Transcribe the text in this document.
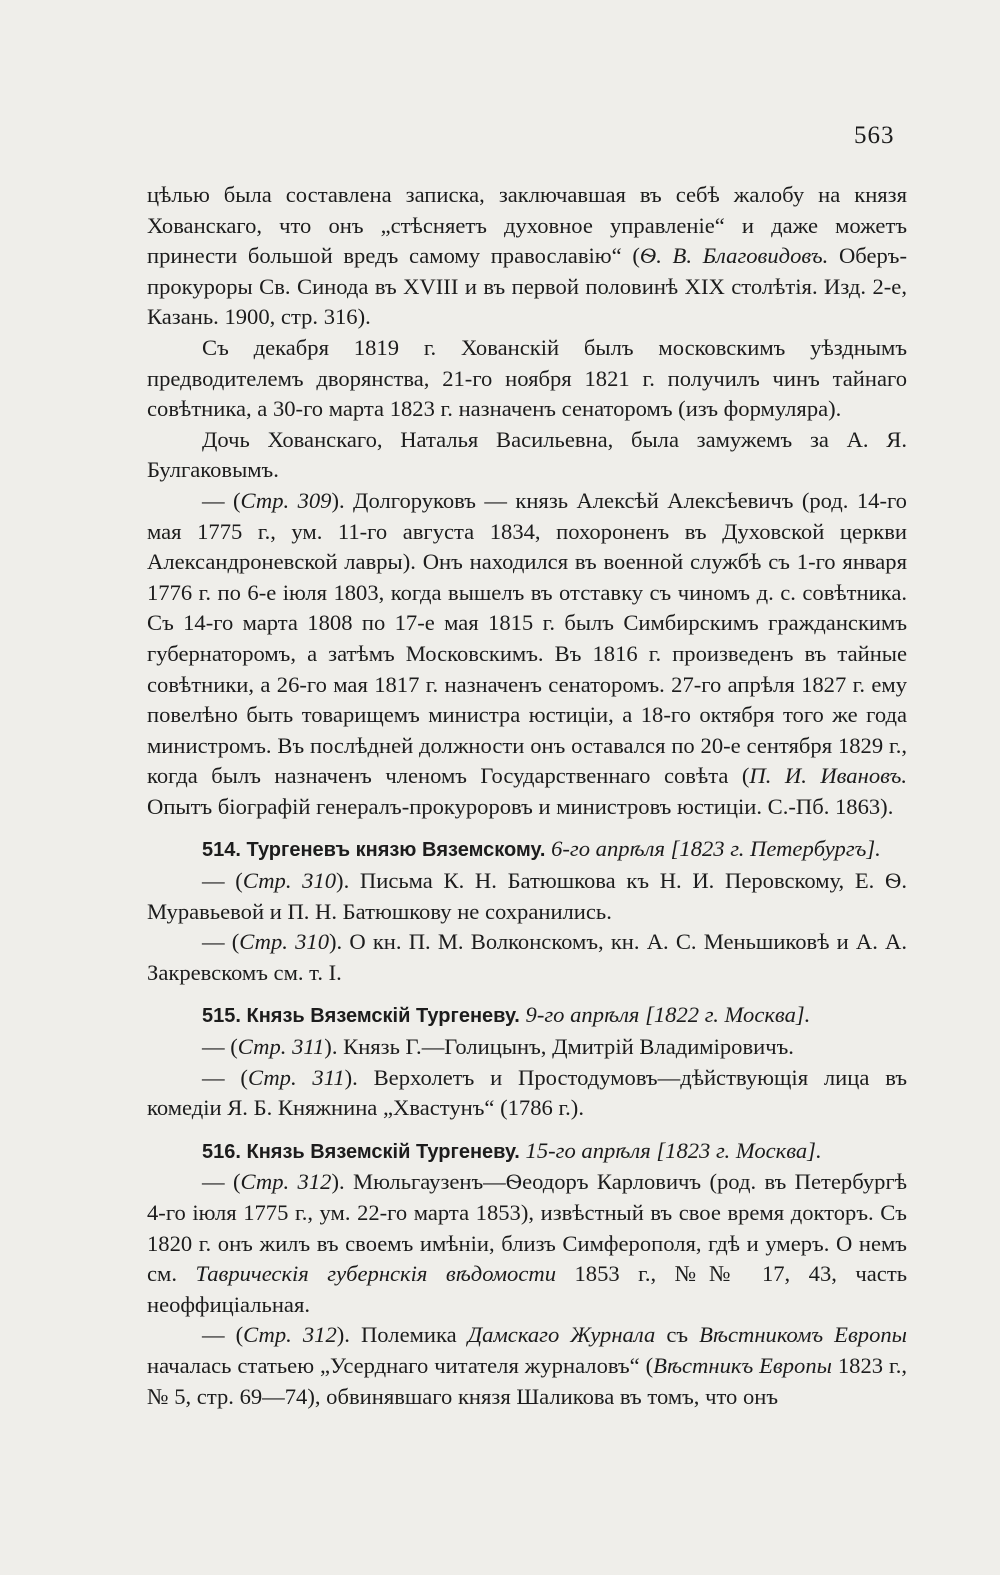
563

цѣлью была составлена записка, заключавшая въ себѣ жалобу на князя Хованскаго, что онъ „стѣсняетъ духовное управленіе“ и даже можетъ принести большой вредъ самому православію“ (Ѳ. В. Благовидовъ. Оберъ-прокуроры Св. Синода въ XVIII и въ первой половинѣ XIX столѣтія. Изд. 2-е, Казань. 1900, стр. 316).

Съ декабря 1819 г. Хованскій былъ московскимъ уѣзднымъ предводителемъ дворянства, 21-го ноября 1821 г. получилъ чинъ тайнаго совѣтника, а 30-го марта 1823 г. назначенъ сенаторомъ (изъ формуляра).

Дочь Хованскаго, Наталья Васильевна, была замужемъ за А. Я. Булгаковымъ.

— (Стр. 309). Долгоруковъ — князь Алексѣй Алексѣевичъ (род. 14-го мая 1775 г., ум. 11-го августа 1834, похороненъ въ Духовской церкви Александроневской лавры). Онъ находился въ военной службѣ съ 1-го января 1776 г. по 6-е іюля 1803, когда вышелъ въ отставку съ чиномъ д. с. совѣтника. Съ 14-го марта 1808 по 17-е мая 1815 г. былъ Симбирскимъ гражданскимъ губернаторомъ, а затѣмъ Московскимъ. Въ 1816 г. произведенъ въ тайные совѣтники, а 26-го мая 1817 г. назначенъ сенаторомъ. 27-го апрѣля 1827 г. ему повелѣно быть товарищемъ министра юстиціи, а 18-го октября того же года министромъ. Въ послѣдней должности онъ оставался по 20-е сентября 1829 г., когда былъ назначенъ членомъ Государственнаго совѣта (П. И. Ивановъ. Опытъ біографій генералъ-прокуроровъ и министровъ юстиціи. С.-Пб. 1863).

514. Тургеневъ князю Вяземскому. 6-го апрѣля [1823 г. Петербургъ].

— (Стр. 310). Письма К. Н. Батюшкова къ Н. И. Перовскому, Е. Ѳ. Муравьевой и П. Н. Батюшкову не сохранились.

— (Стр. 310). О кн. П. М. Волконскомъ, кн. А. С. Меньшиковѣ и А. А. Закревскомъ см. т. I.

515. Князь Вяземскій Тургеневу. 9-го апрѣля [1822 г. Москва].

— (Стр. 311). Князь Г.—Голицынъ, Дмитрій Владиміровичъ.

— (Стр. 311). Верхолетъ и Простодумовъ—дѣйствующія лица въ комедіи Я. Б. Княжнина „Хвастунъ“ (1786 г.).

516. Князь Вяземскій Тургеневу. 15-го апрѣля [1823 г. Москва].

— (Стр. 312). Мюльгаузенъ—Ѳеодоръ Карловичъ (род. въ Петербургѣ 4-го іюля 1775 г., ум. 22-го марта 1853), извѣстный въ свое время докторъ. Съ 1820 г. онъ жилъ въ своемъ имѣніи, близъ Симферополя, гдѣ и умеръ. О немъ см. Таврическія губернскія вѣдомости 1853 г., №№ 17, 43, часть неоффиціальная.

— (Стр. 312). Полемика Дамскаго Журнала съ Вѣстникомъ Европы началась статьею „Усерднаго читателя журналовъ“ (Вѣстникъ Европы 1823 г., № 5, стр. 69—74), обвинявшаго князя Шаликова въ томъ, что онъ
